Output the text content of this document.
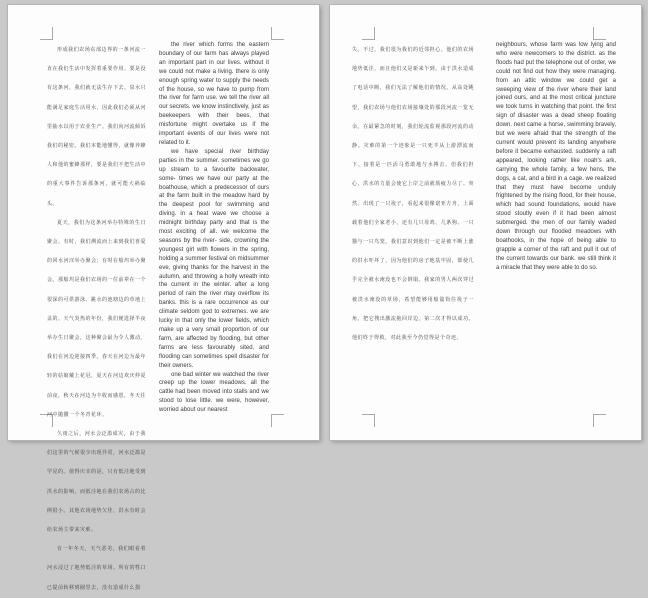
形成我们农场东部边界的一条河流一直在我们生活中发挥着重要作用。要是没有这条河，我们就无法生存下去。泉水只能满足家庭生活用水，因此我们必须从河里抽水以用于农业生产。我们向河流倾诉我们的秘密。我们本能地懂得，就像养蜂人和他的蜜蜂那样，要是我们不把生活中的重大事件告诉那条河，就可能大祸临头。

夏天，我们为这条河举办特殊的生日聚会。有时，我们溯流而上来到我们喜爱的回水河汊举办聚会；有时在船坞举办聚会。那船坞是我们农场的一位前辈在一个很深的可供游泳、跳水的池塘边的草地上盖的。天气炎热的年份，我们便选择半夜举办生日聚会，这种聚会最为令人激动。我们在河边迎接四季。春天在河边为最年轻的姑娘戴上花冠，夏天在河边欢庆仲夏前夜，秋天在河边为丰收而感恩，冬天往河中抛撒一个冬青花环。

久雨之后，河水会泛滥成灾。由于我们这里的气候很少出现异常，河水泛滥是罕见的。值得庆幸的是，只有低洼地受到洪水的影响，而低洼地在我们农场占的比例很小。其他农场地势欠佳，洪水有时会给农场主带来灾难。

有一年冬天，天气恶劣，我们眼看着河水浸过了地势低洼的草场。所有的牲口已提前转移到圈里去，没有造成什么损

the river which forms the eastern boundary of our farm has always played an important part in our lives. without it we could not make a living. there is only enough spring water to supply the needs of the house, so we have to pump from the river for farm use. we tell the river all our secrets. we know instinctively, just as beekeepers with their bees, that misfortune might overtake us if the important events of our lives were not related to it.

we have special river birthday parties in the summer. sometimes we go up stream to a favourite backwater, some- times we have our party at the boathouse, which a predecessor of ours at the farm built in the meadow hard by the deepest pool for swimming and diving. in a heat wave we choose a midnight birthday party and that is the most exciting of all. we welcome the seasons by the river- side, crowning the youngest girl with flowers in the spring, holding a summer festival on midsummer eve, giving thanks for the harvest in the autumn, and throwing a holly wreath into the current in the winter. after a long period of rain the river may overflow its banks. this is a rare occurrence as our climate seldom god to extremes. we are lucky in that only the lower fields, which make up a very small proportion of our farm, are affected by flooding, but other farms are less favourably sited, and flooding can sometimes spell disaster for their owners.

one bad winter we watched the river creep up the lower meadows. all the cattle had been moved into stalls and we stood to lose little. we were, however, worried about our nearest

失。不过，我们很为我们的近邻担心。他们的农场地势低洼，而且他们又是新来乍到。由于洪水造成了电话中断，我们无法了解他们的情况。从高处眺望，我们农场与他们农场接壤处的那段河流一览无余。在最紧急的时刻，我们轮流监视那段河流的动静。灾难的第一个迹象是一只死羊从上游漂流而下。接着是一匹活马勇敢地与水搏击。但我们担心，洪水的力量会使它上岸之前就筋疲力尽了。突然，出现了一只筏子，看起来很像诺亚方舟，上面载着他们全家老小，还有几只母鸡、几条狗、一只猫与一只鸟笼。我们意识到他们一定是被不断上涨的洪水吓坏了，因为他们的房子地基牢固，即使几乎完全被水淹没也不会倒塌。我家的男人两次穿过被洪水淹没的草场，希望能够用船篙钩住筏子一角，把它拽出激流拖回岸边。第二次才得以成功。他们终于得救，对此我至今仍觉得是个奇迹。

neighbours, whose farm was low lying and who were newcomers to the district. as the floods had put the telephone out of order, we could not find out how they were managing. from an attic window we could get a sweeping view of the river where their land joined ours, and at the most critical juncture we took turns in watching that point. the first sign of disaster was a dead sheep floating down. next came a horse, swimming bravely, but we were afraid that the strength of the current would prevent its landing anywhere before it became exhausted. suddenly a raft appeared, looking rather like noah's ark, carrying the whole family, a few hens, the dogs, a cat, and a bird in a cage. we realized that they must have become unduly frightened by the rising flood, for their house, which had sound foundations, would have stood stoutly even if it had been almost submerged. the men of our family waded down through our flooded meadows with boathooks, in the hope of being able to grapple a corner of the raft and pull it out of the current towards our bank. we still think it a miracle that they were able to do so.
